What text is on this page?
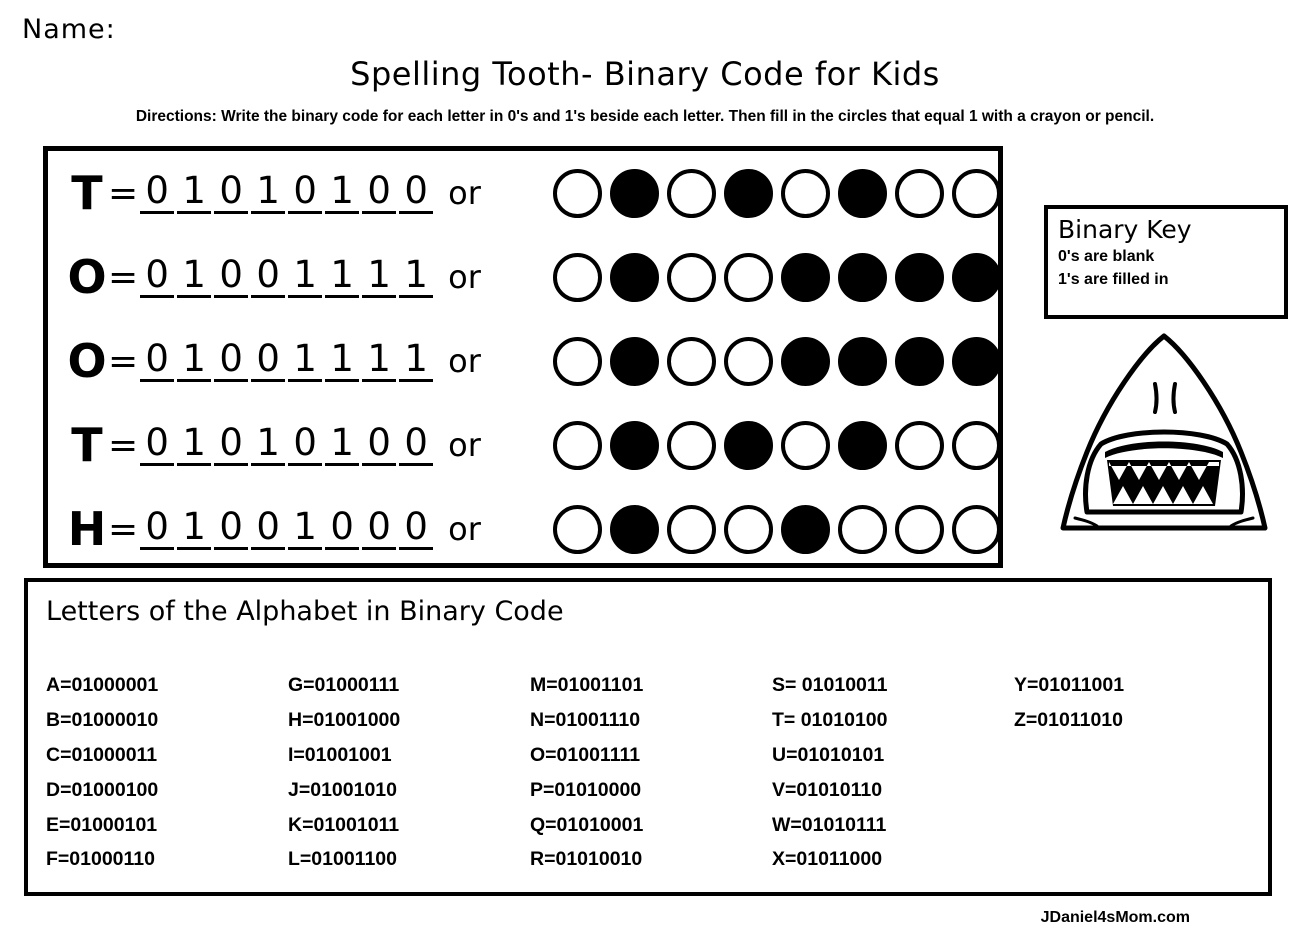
Name:
Spelling Tooth- Binary Code for Kids
Directions: Write the binary code for each letter in 0's and 1's beside each letter. Then fill in the circles that equal 1 with a crayon or pencil.
T = 0 1 0 1 0 1 0 0 or
O = 0 1 0 0 1 1 1 1 or
O = 0 1 0 0 1 1 1 1 or
T = 0 1 0 1 0 1 0 0 or
H = 0 1 0 0 1 0 0 0 or
Binary Key
0's are blank
1's are filled in
Letters of the Alphabet in Binary Code
A=01000001
B=01000010
C=01000011
D=01000100
E=01000101
F=01000110
G=01000111
H=01001000
I=01001001
J=01001010
K=01001011
L=01001100
M=01001101
N=01001110
O=01001111
P=01010000
Q=01010001
R=01010010
S= 01010011
T= 01010100
U=01010101
V=01010110
W=01010111
X=01011000
Y=01011001
Z=01011010
JDaniel4sMom.com
